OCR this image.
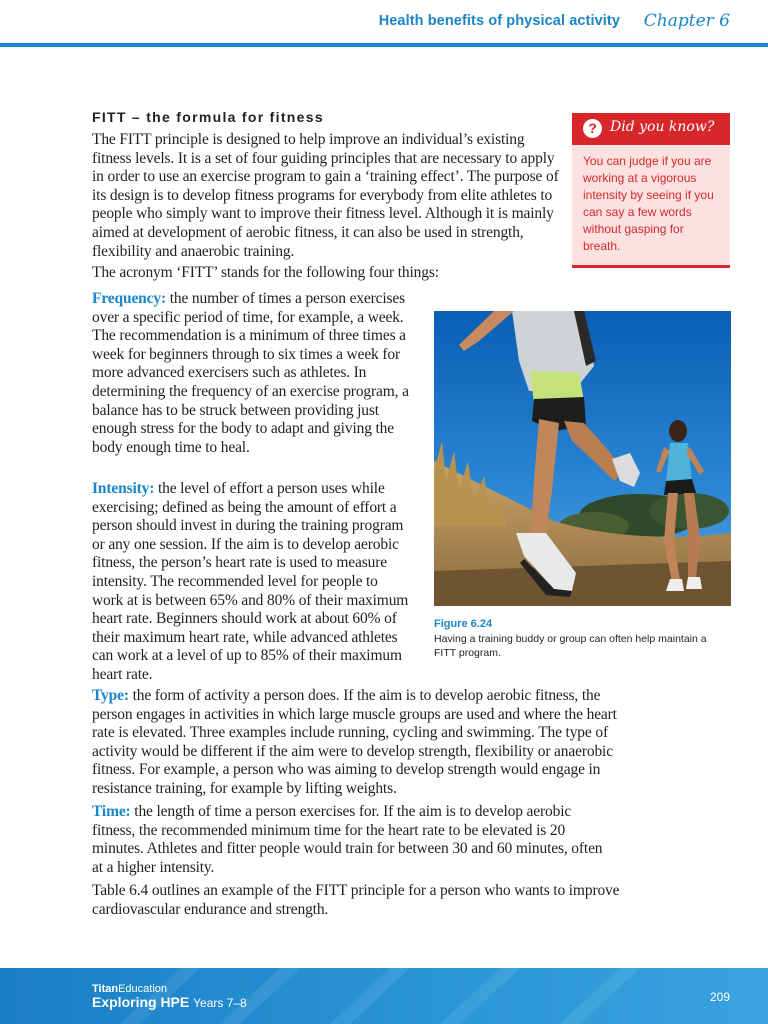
Health benefits of physical activity Chapter 6
FITT – the formula for fitness

The FITT principle is designed to help improve an individual’s existing fitness levels. It is a set of four guiding principles that are necessary to apply in order to use an exercise program to gain a ‘training effect’. The purpose of its design is to develop fitness programs for everybody from elite athletes to people who simply want to improve their fitness level. Although it is mainly aimed at development of aerobic fitness, it can also be used in strength, flexibility and anaerobic training.

The acronym ‘FITT’ stands for the following four things:

Frequency: the number of times a person exercises over a specific period of time, for example, a week. The recommendation is a minimum of three times a week for beginners through to six times a week for more advanced exercisers such as athletes. In determining the frequency of an exercise program, a balance has to be struck between providing just enough stress for the body to adapt and giving the body enough time to heal.

Intensity: the level of effort a person uses while exercising; defined as being the amount of effort a person should invest in during the training program or any one session. If the aim is to develop aerobic fitness, the person’s heart rate is used to measure intensity. The recommended level for people to work at is between 65% and 80% of their maximum heart rate. Beginners should work at about 60% of their maximum heart rate, while advanced athletes can work at a level of up to 85% of their maximum heart rate.

Type: the form of activity a person does. If the aim is to develop aerobic fitness, the person engages in activities in which large muscle groups are used and where the heart rate is elevated. Three examples include running, cycling and swimming. The type of activity would be different if the aim were to develop strength, flexibility or anaerobic fitness. For example, a person who was aiming to develop strength would engage in resistance training, for example by lifting weights.

Time: the length of time a person exercises for. If the aim is to develop aerobic fitness, the recommended minimum time for the heart rate to be elevated is 20 minutes. Athletes and fitter people would train for between 30 and 60 minutes, often at a higher intensity.

Table 6.4 outlines an example of the FITT principle for a person who wants to improve cardiovascular endurance and strength.

? Did you know?
You can judge if you are working at a vigorous intensity by seeing if you can say a few words without gasping for breath.
Figure 6.24
Having a training buddy or group can often help maintain a FITT program.
TitanEducation
Exploring HPE Years 7–8	209
